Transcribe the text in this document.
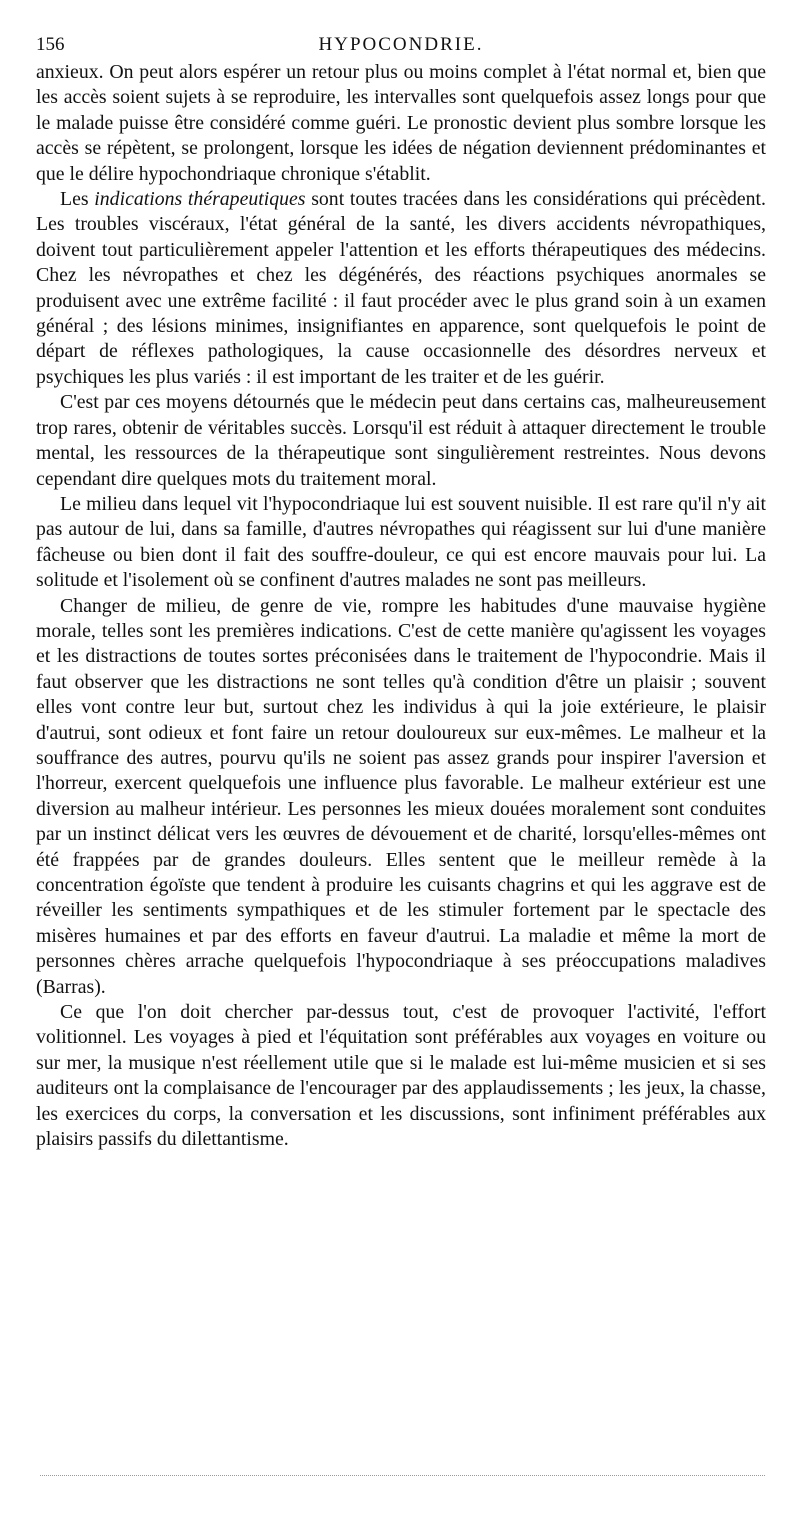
156	HYPOCONDRIE.

anxieux. On peut alors espérer un retour plus ou moins complet à l'état normal et, bien que les accès soient sujets à se reproduire, les intervalles sont quelquefois assez longs pour que le malade puisse être considéré comme guéri. Le pronostic devient plus sombre lorsque les accès se répètent, se prolongent, lorsque les idées de négation deviennent prédominantes et que le délire hypochondriaque chronique s'établit.

Les indications thérapeutiques sont toutes tracées dans les considérations qui précèdent. Les troubles viscéraux, l'état général de la santé, les divers accidents névropathiques, doivent tout particulièrement appeler l'attention et les efforts thérapeutiques des médecins. Chez les névropathes et chez les dégénérés, des réactions psychiques anormales se produisent avec une extrême facilité : il faut procéder avec le plus grand soin à un examen général ; des lésions minimes, insignifiantes en apparence, sont quelquefois le point de départ de réflexes pathologiques, la cause occasionnelle des désordres nerveux et psychiques les plus variés : il est important de les traiter et de les guérir.

C'est par ces moyens détournés que le médecin peut dans certains cas, malheureusement trop rares, obtenir de véritables succès. Lorsqu'il est réduit à attaquer directement le trouble mental, les ressources de la thérapeutique sont singulièrement restreintes. Nous devons cependant dire quelques mots du traitement moral.

Le milieu dans lequel vit l'hypocondriaque lui est souvent nuisible. Il est rare qu'il n'y ait pas autour de lui, dans sa famille, d'autres névropathes qui réagissent sur lui d'une manière fâcheuse ou bien dont il fait des souffre-douleur, ce qui est encore mauvais pour lui. La solitude et l'isolement où se confinent d'autres malades ne sont pas meilleurs.

Changer de milieu, de genre de vie, rompre les habitudes d'une mauvaise hygiène morale, telles sont les premières indications. C'est de cette manière qu'agissent les voyages et les distractions de toutes sortes préconisées dans le traitement de l'hypocondrie. Mais il faut observer que les distractions ne sont telles qu'à condition d'être un plaisir ; souvent elles vont contre leur but, surtout chez les individus à qui la joie extérieure, le plaisir d'autrui, sont odieux et font faire un retour douloureux sur eux-mêmes. Le malheur et la souffrance des autres, pourvu qu'ils ne soient pas assez grands pour inspirer l'aversion et l'horreur, exercent quelquefois une influence plus favorable. Le malheur extérieur est une diversion au malheur intérieur. Les personnes les mieux douées moralement sont conduites par un instinct délicat vers les œuvres de dévouement et de charité, lorsqu'elles-mêmes ont été frappées par de grandes douleurs. Elles sentent que le meilleur remède à la concentration égoïste que tendent à produire les cuisants chagrins et qui les aggrave est de réveiller les sentiments sympathiques et de les stimuler fortement par le spectacle des misères humaines et par des efforts en faveur d'autrui. La maladie et même la mort de personnes chères arrache quelquefois l'hypocondriaque à ses préoccupations maladives (Barras).

Ce que l'on doit chercher par-dessus tout, c'est de provoquer l'activité, l'effort volitionnel. Les voyages à pied et l'équitation sont préférables aux voyages en voiture ou sur mer, la musique n'est réellement utile que si le malade est lui-même musicien et si ses auditeurs ont la complaisance de l'encourager par des applaudissements ; les jeux, la chasse, les exercices du corps, la conversation et les discussions, sont infiniment préférables aux plaisirs passifs du dilettantisme.
